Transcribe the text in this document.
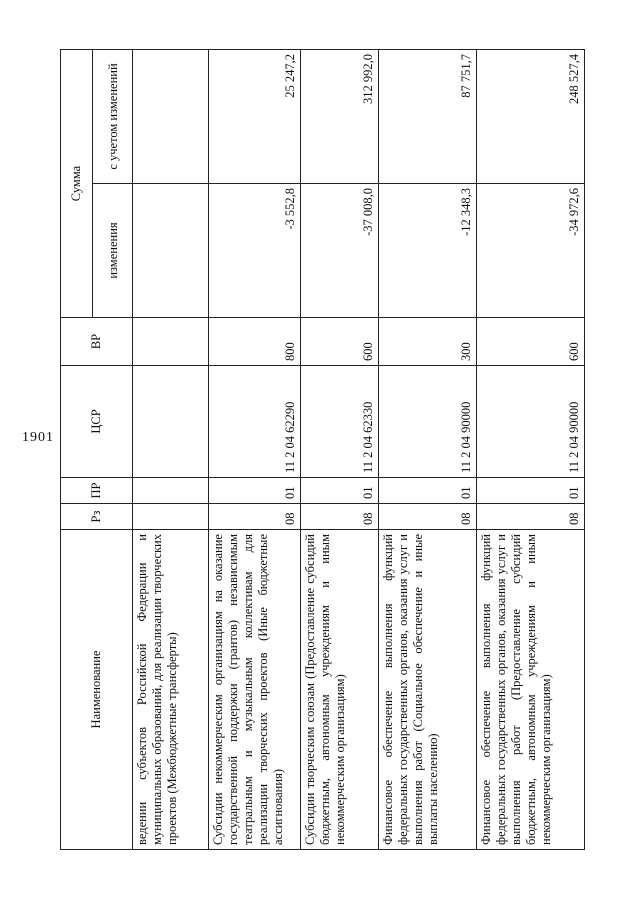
1901
Наименование	Рз	ПР	ЦСР	ВР	Сумма	
					изменения	с учетом изменений
ведении субъектов Российской Федерации и муниципальных образований, для реализации творческих проектов (Межбюджетные трансферты)						
Субсидии некоммерческим организациям на оказание государственной поддержки (грантов) независимым театральным и музыкальным коллективам для реализации творческих проектов (Иные бюджетные ассигнования)	08	01	11 2 04 62290	800	-3 552,8	25 247,2
Субсидии творческим союзам (Предоставление субсидий бюджетным, автономным учреждениям и иным некоммерческим организациям)	08	01	11 2 04 62330	600	-37 008,0	312 992,0
Финансовое обеспечение выполнения функций федеральных государственных органов, оказания услуг и выполнения работ (Социальное обеспечение и иные выплаты населению)	08	01	11 2 04 90000	300	-12 348,3	87 751,7
Финансовое обеспечение выполнения функций федеральных государственных органов, оказания услуг и выполнения работ (Предоставление субсидий бюджетным, автономным учреждениям и иным некоммерческим организациям)	08	01	11 2 04 90000	600	-34 972,6	248 527,4
